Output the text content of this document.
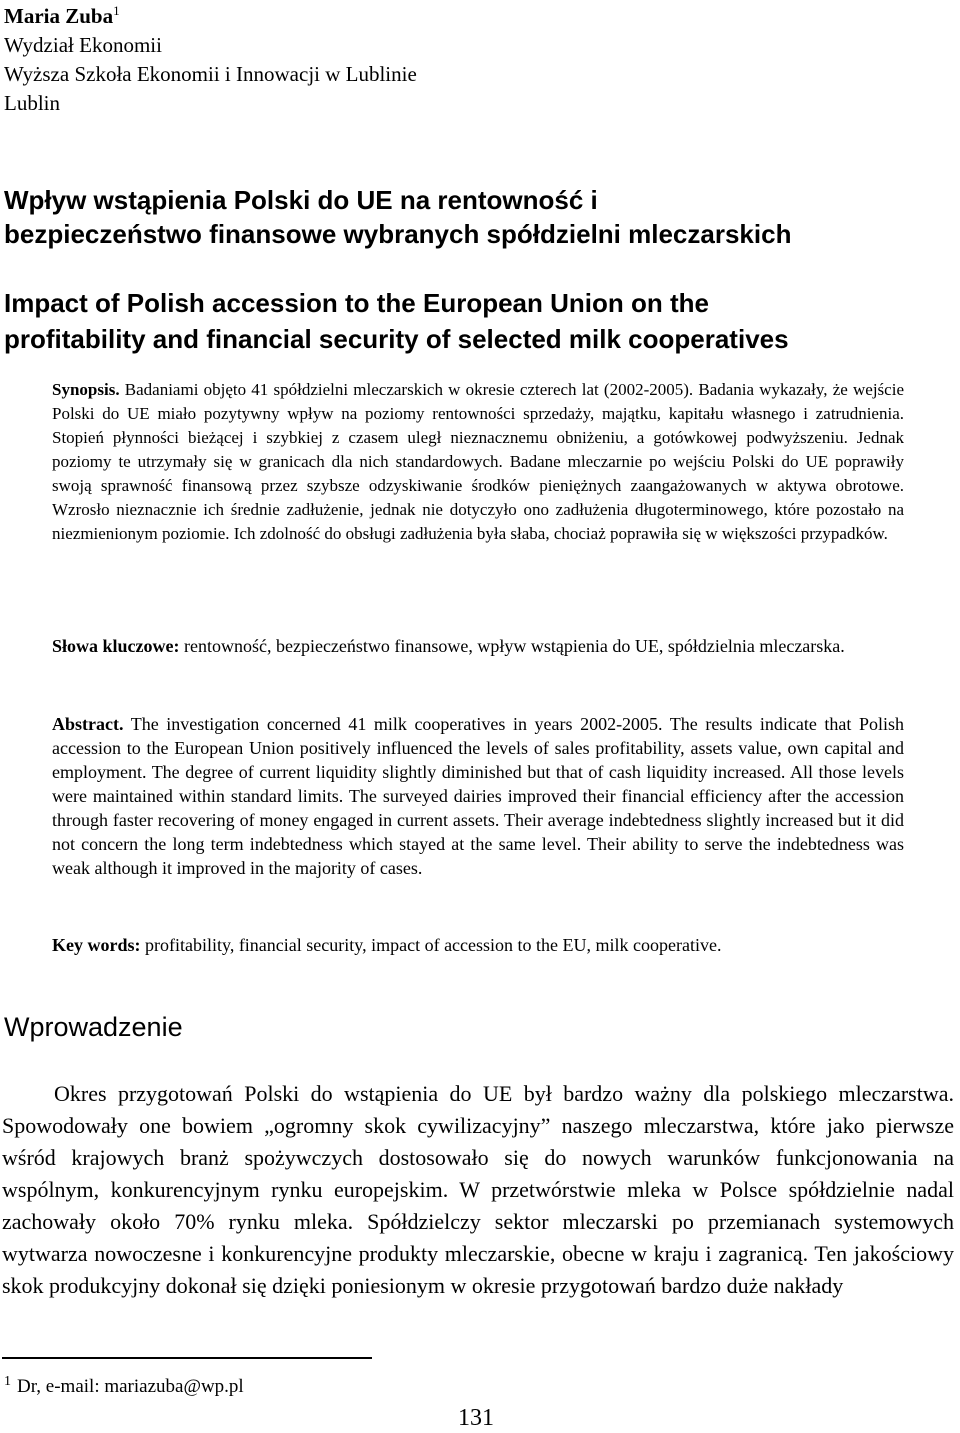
Maria Zuba$^1$
Wydział Ekonomii
Wyższa Szkoła Ekonomii i Innowacji w Lublinie
Lublin
Wpływ wstąpienia Polski do UE na rentowność i
bezpieczeństwo finansowe wybranych spółdzielni mleczarskich
Impact of Polish accession to the European Union on the
profitability and financial security of selected milk cooperatives
Synopsis. Badaniami objęto 41 spółdzielni mleczarskich w okresie czterech lat (2002-2005). Badania wykazały, że wejście Polski do UE miało pozytywny wpływ na poziomy rentowności sprzedaży, majątku, kapitału własnego i zatrudnienia. Stopień płynności bieżącej i szybkiej z czasem uległ nieznacznemu obniżeniu, a gotówkowej podwyższeniu. Jednak poziomy te utrzymały się w granicach dla nich standardowych. Badane mleczarnie po wejściu Polski do UE poprawiły swoją sprawność finansową przez szybsze odzyskiwanie środków pieniężnych zaangażowanych w aktywa obrotowe. Wzrosło nieznacznie ich średnie zadłużenie, jednak nie dotyczyło ono zadłużenia długoterminowego, które pozostało na niezmienionym poziomie. Ich zdolność do obsługi zadłużenia była słaba, chociaż poprawiła się w większości przypadków.
Słowa kluczowe: rentowność, bezpieczeństwo finansowe, wpływ wstąpienia do UE, spółdzielnia mleczarska.
Abstract. The investigation concerned 41 milk cooperatives in years 2002-2005. The results indicate that Polish accession to the European Union positively influenced the levels of sales profitability, assets value, own capital and employment. The degree of current liquidity slightly diminished but that of cash liquidity increased. All those levels were maintained within standard limits. The surveyed dairies improved their financial efficiency after the accession through faster recovering of money engaged in current assets. Their average indebtedness slightly increased but it did not concern the long term indebtedness which stayed at the same level. Their ability to serve the indebtedness was weak although it improved in the majority of cases.
Key words: profitability, financial security, impact of accession to the EU, milk cooperative.
Wprowadzenie
Okres przygotowań Polski do wstąpienia do UE był bardzo ważny dla polskiego mleczarstwa. Spowodowały one bowiem „ogromny skok cywilizacyjny” naszego mleczarstwa, które jako pierwsze wśród krajowych branż spożywczych dostosowało się do nowych warunków funkcjonowania na wspólnym, konkurencyjnym rynku europejskim. W przetwórstwie mleka w Polsce spółdzielnie nadal zachowały około 70% rynku mleka. Spółdzielczy sektor mleczarski po przemianach systemowych wytwarza nowoczesne i konkurencyjne produkty mleczarskie, obecne w kraju i zagranicą. Ten jakościowy skok produkcyjny dokonał się dzięki poniesionym w okresie przygotowań bardzo duże nakłady
$^1$ Dr, e-mail: mariazuba@wp.pl
131
